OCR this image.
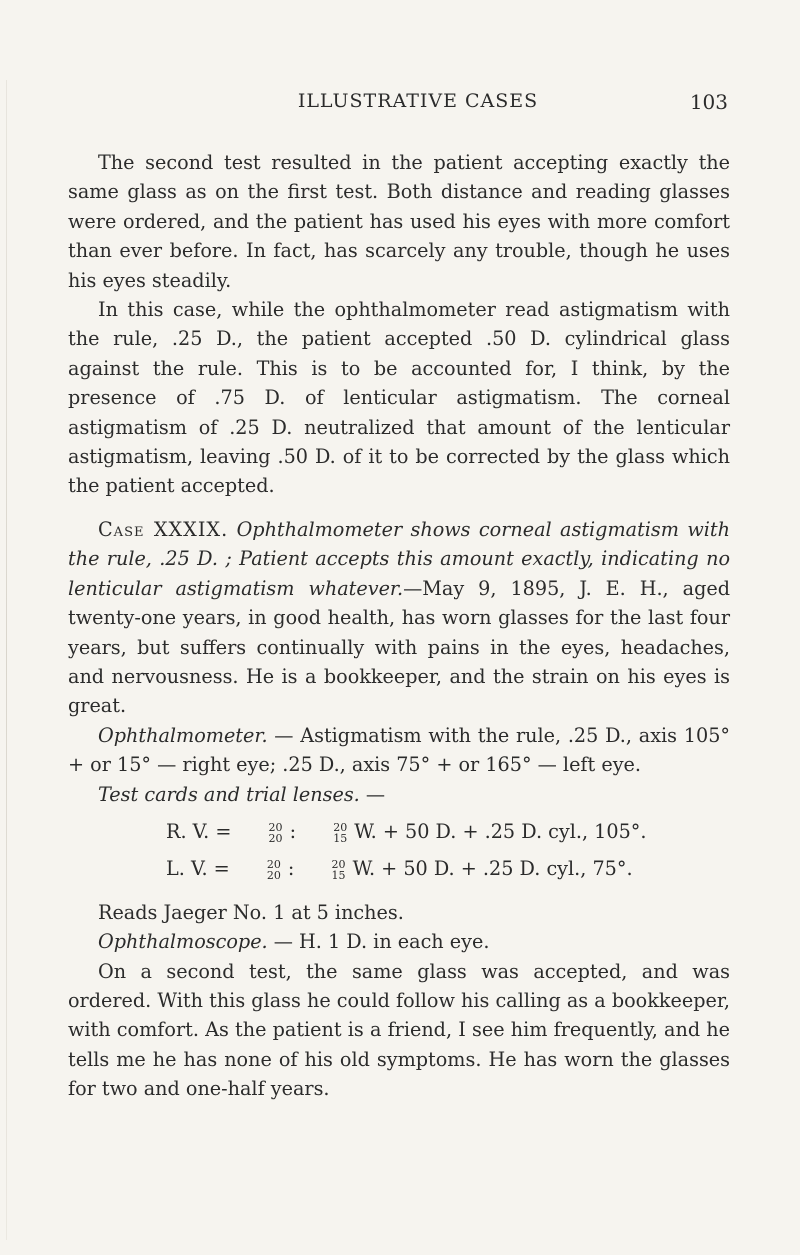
ILLUSTRATIVE CASES	103

The second test resulted in the patient accepting exactly the same glass as on the first test. Both distance and reading glasses were ordered, and the patient has used his eyes with more comfort than ever before. In fact, has scarcely any trouble, though he uses his eyes steadily.

In this case, while the ophthalmometer read astigmatism with the rule, .25 D., the patient accepted .50 D. cylindrical glass against the rule. This is to be accounted for, I think, by the presence of .75 D. of lenticular astigmatism. The corneal astigmatism of .25 D. neutralized that amount of the lenticular astigmatism, leaving .50 D. of it to be corrected by the glass which the patient accepted.

Case XXXIX. Ophthalmometer shows corneal astigmatism with the rule, .25 D. ; Patient accepts this amount exactly, indicating no lenticular astigmatism whatever.—May 9, 1895, J. E. H., aged twenty-one years, in good health, has worn glasses for the last four years, but suffers continually with pains in the eyes, headaches, and nervousness. He is a bookkeeper, and the strain on his eyes is great.

Ophthalmometer. — Astigmatism with the rule, .25 D., axis 105° + or 15° — right eye; .25 D., axis 75° + or 165° — left eye.

Test cards and trial lenses. —

R. V. =	20
20 :	20
15 W. + 50 D. + .25 D. cyl., 105°.

L. V. =	20
20 :	20
15 W. + 50 D. + .25 D. cyl., 75°.

Reads Jaeger No. 1 at 5 inches.

Ophthalmoscope. — H. 1 D. in each eye.

On a second test, the same glass was accepted, and was ordered. With this glass he could follow his calling as a bookkeeper, with comfort. As the patient is a friend, I see him frequently, and he tells me he has none of his old symptoms. He has worn the glasses for two and one-half years.
